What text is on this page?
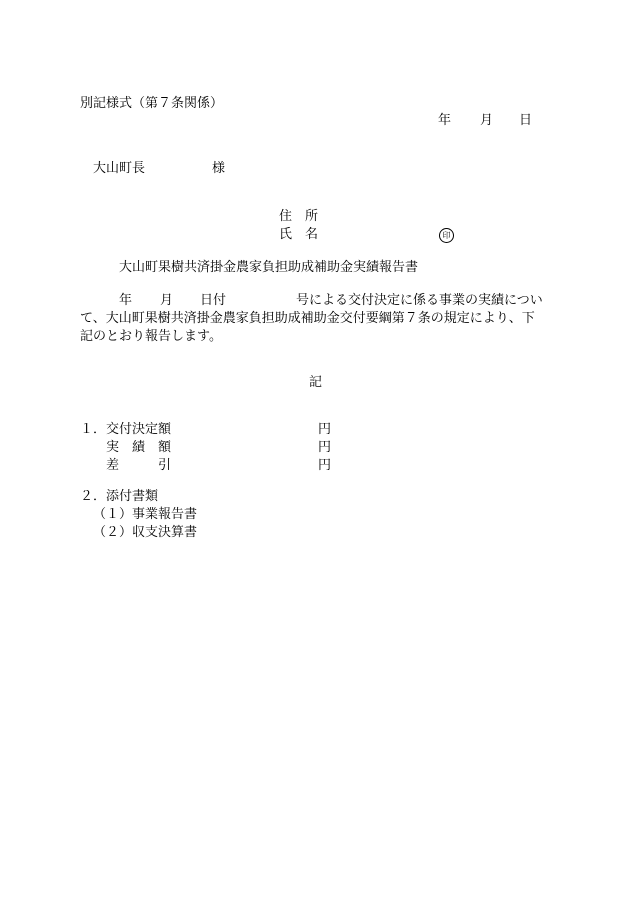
別記様式（第７条関係）
年 月 日
大山町長	様
住　所
氏　名	印
大山町果樹共済掛金農家負担助成補助金実績報告書
年 月 日付	号による交付決定に係る事業の実績につい
て、大山町果樹共済掛金農家負担助成補助金交付要綱第７条の規定により、下
記のとおり報告します。
記
１． 交付決定額	円
実　績　額	円
差　　　引	円
２． 添付書類
（１）事業報告書
（２）収支決算書
